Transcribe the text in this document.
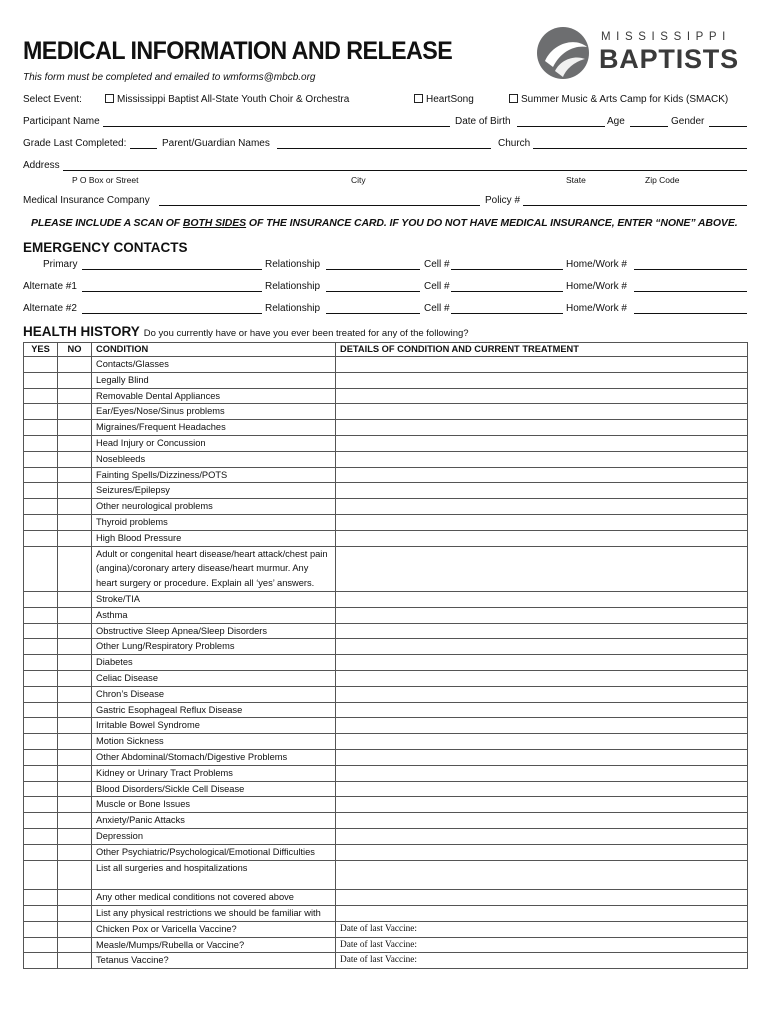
MEDICAL INFORMATION AND RELEASE
This form must be completed and emailed to wmforms@mbcb.org
MISSISSIPPI
BAPTISTS
Select Event:	Mississippi Baptist All-State Youth Choir & Orchestra	HeartSong	Summer Music & Arts Camp for Kids (SMACK)
Participant Name	Date of Birth	Age	Gender
Grade Last Completed:	Parent/Guardian Names	Church
Address
P O Box or Street	City	State	Zip Code
Medical Insurance Company	Policy #
PLEASE INCLUDE A SCAN OF BOTH SIDES OF THE INSURANCE CARD. IF YOU DO NOT HAVE MEDICAL INSURANCE, ENTER “NONE” ABOVE.
EMERGENCY CONTACTS
Primary	Relationship	Cell #	Home/Work #
Alternate #1	Relationship	Cell #	Home/Work #
Alternate #2	Relationship	Cell #	Home/Work #
HEALTH HISTORY Do you currently have or have you ever been treated for any of the following?
YES	NO	CONDITION	DETAILS OF CONDITION AND CURRENT TREATMENT
		Contacts/Glasses	
		Legally Blind	
		Removable Dental Appliances	
		Ear/Eyes/Nose/Sinus problems	
		Migraines/Frequent Headaches	
		Head Injury or Concussion	
		Nosebleeds	
		Fainting Spells/Dizziness/POTS	
		Seizures/Epilepsy	
		Other neurological problems	
		Thyroid problems	
		High Blood Pressure	
		Adult or congenital heart disease/heart attack/chest pain (angina)/coronary artery disease/heart murmur. Any heart surgery or procedure. Explain all ‘yes’ answers.	
		Stroke/TIA	
		Asthma	
		Obstructive Sleep Apnea/Sleep Disorders	
		Other Lung/Respiratory Problems	
		Diabetes	
		Celiac Disease	
		Chron’s Disease	
		Gastric Esophageal Reflux Disease	
		Irritable Bowel Syndrome	
		Motion Sickness	
		Other Abdominal/Stomach/Digestive Problems	
		Kidney or Urinary Tract Problems	
		Blood Disorders/Sickle Cell Disease	
		Muscle or Bone Issues	
		Anxiety/Panic Attacks	
		Depression	
		Other Psychiatric/Psychological/Emotional Difficulties	
		List all surgeries and hospitalizations	
		Any other medical conditions not covered above	
		List any physical restrictions we should be familiar with	
		Chicken Pox or Varicella Vaccine?	Date of last Vaccine:
		Measle/Mumps/Rubella or Vaccine?	Date of last Vaccine:
		Tetanus Vaccine?	Date of last Vaccine:
